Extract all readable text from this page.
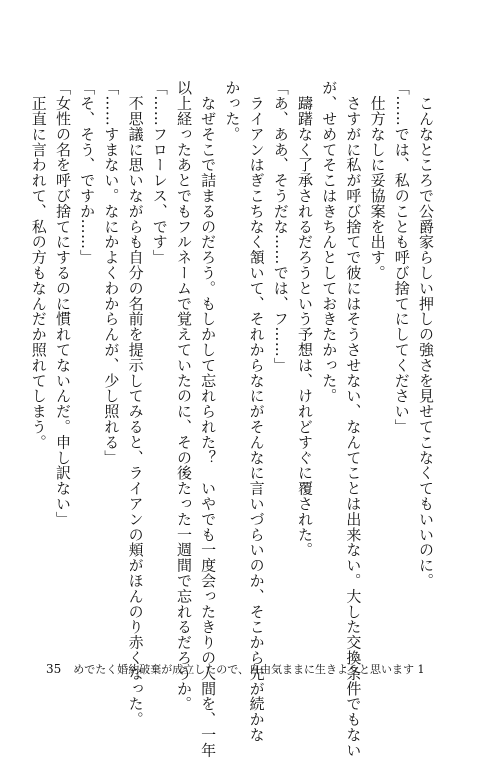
　こんなところで公爵家らしい押しの強さを見せてこなくてもいいのに。
「……では、私のことも呼び捨てにしてください」
　仕方なしに妥協案を出す。
　さすがに私が呼び捨てで彼にはそうさせない、なんてことは出来ない。大した交換条件でもない
が、せめてそこはきちんとしておきたかった。
　躊躇なく了承されるだろうという予想は、けれどすぐに覆された。
「あ、ああ、そうだな……では、フ……」
　ライアンはぎこちなく頷いて、それからなにがそんなに言いづらいのか、そこから先が続かな
かった。
　なぜそこで詰まるのだろう。もしかして忘れられた？　いやでも一度会ったきりの人間を、一年
以上経ったあとでもフルネームで覚えていたのに、その後たった一週間で忘れるだろうか。
「……フローレス、です」
　不思議に思いながらも自分の名前を提示してみると、ライアンの頬がほんのり赤くなった。
「……すまない。なにかよくわからんが、少し照れる」
「そ、そう、ですか……」
「女性の名を呼び捨てにするのに慣れてないんだ。申し訳ない」
　正直に言われて、私の方もなんだか照れてしまう。
35 めでたく婚約破棄が成立したので、自由気ままに生きようと思います 1
